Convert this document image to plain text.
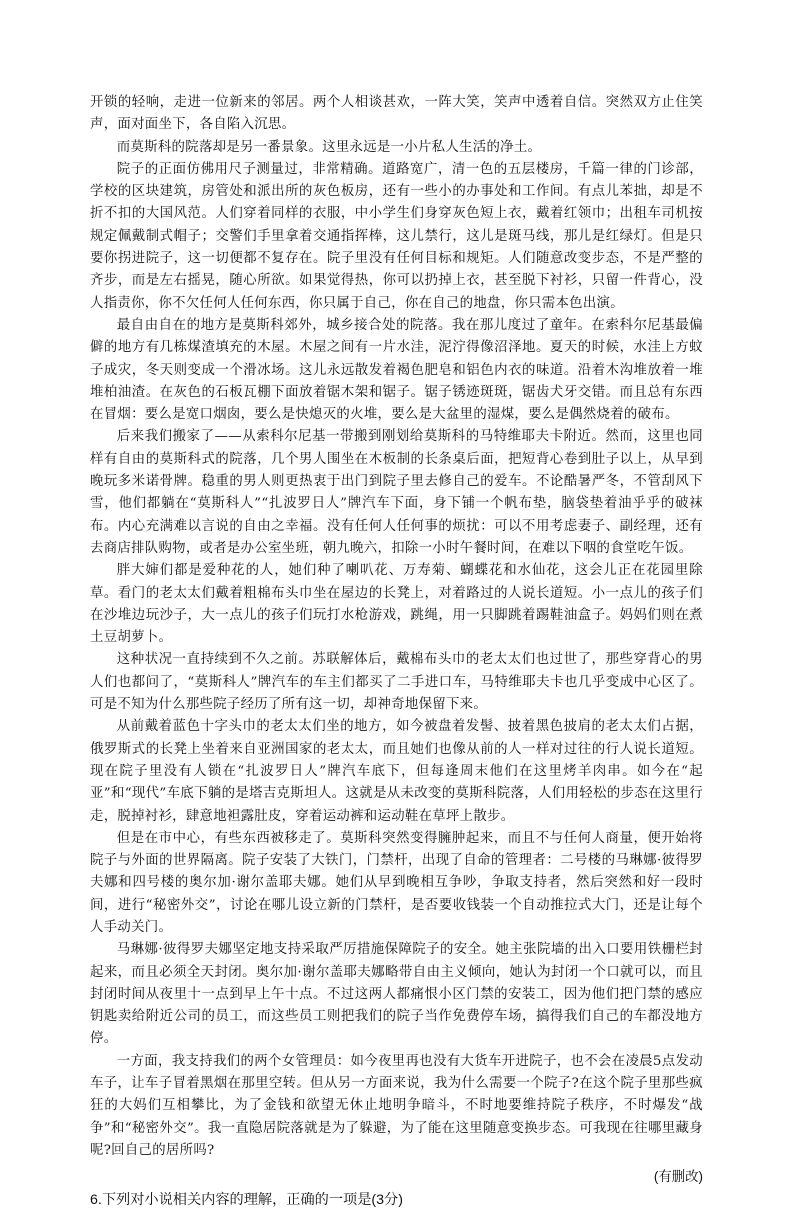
开锁的轻响，走进一位新来的邻居。两个人相谈甚欢，一阵大笑，笑声中透着自信。突然双方止住笑声，面对面坐下，各自陷入沉思。

而莫斯科的院落却是另一番景象。这里永远是一小片私人生活的净土。

院子的正面仿佛用尺子测量过，非常精确。道路宽广，清一色的五层楼房，千篇一律的门诊部，学校的区块建筑，房管处和派出所的灰色板房，还有一些小的办事处和工作间。有点儿苯拙，却是不折不扣的大国风范。人们穿着同样的衣服，中小学生们身穿灰色短上衣，戴着红领巾；出租车司机按规定佩戴制式帽子；交警们手里拿着交通指挥棒，这儿禁行，这儿是斑马线，那儿是红绿灯。但是只要你拐进院子，这一切便都不复存在。院子里没有任何目标和规矩。人们随意改变步态，不是严整的齐步，而是左右摇晃，随心所欲。如果觉得热，你可以扔掉上衣，甚至脱下衬衫，只留一件背心，没人指责你，你不欠任何人任何东西，你只属于自己，你在自己的地盘，你只需本色出演。

最自由自在的地方是莫斯科郊外，城乡接合处的院落。我在那儿度过了童年。在索科尔尼基最偏僻的地方有几栋煤渣填充的木屋。木屋之间有一片水洼，泥泞得像沼泽地。夏天的时候，水洼上方蚊子成灾，冬天则变成一个滑冰场。这儿永远散发着褐色肥皂和铝色内衣的味道。沿着木沟堆放着一堆堆柏油渣。在灰色的石板瓦棚下面放着锯木架和锯子。锯子锈迹斑斑，锯齿犬牙交错。而且总有东西在冒烟：要么是宽口烟囱，要么是快熄灭的火堆，要么是大盆里的湿煤，要么是偶然烧着的破布。

后来我们搬家了——从索科尔尼基一带搬到刚划给莫斯科的马特维耶夫卡附近。然而，这里也同样有自由的莫斯科式的院落，几个男人围坐在木板制的长条桌后面，把短背心卷到肚子以上，从早到晚玩多米诺骨牌。稳重的男人则更热衷于出门到院子里去修自己的爱车。不论酷暑严冬，不管刮风下雪，他们都躺在“莫斯科人”“扎波罗日人”牌汽车下面，身下铺一个帆布垫，脑袋垫着油乎乎的破袜布。内心充满难以言说的自由之幸福。没有任何人任何事的烦扰：可以不用考虑妻子、副经理，还有去商店排队购物，或者是办公室坐班，朝九晚六，扣除一小时午餐时间，在难以下咽的食堂吃午饭。

胖大婶们都是爱种花的人，她们种了喇叭花、万寿菊、蝴蝶花和水仙花，这会儿正在花园里除草。看门的老太太们戴着粗棉布头巾坐在屋边的长凳上，对着路过的人说长道短。小一点儿的孩子们在沙堆边玩沙子，大一点儿的孩子们玩打水枪游戏，跳绳，用一只脚跳着踢鞋油盒子。妈妈们则在煮土豆胡萝卜。

这种状况一直持续到不久之前。苏联解体后，戴棉布头巾的老太太们也过世了，那些穿背心的男人们也都问了，“莫斯科人”牌汽车的车主们都买了二手进口车，马特维耶夫卡也几乎变成中心区了。可是不知为什么那些院子经历了所有这一切，却神奇地保留下来。

从前戴着蓝色十字头巾的老太太们坐的地方，如今被盘着发髻、披着黑色披肩的老太太们占据，俄罗斯式的长凳上坐着来自亚洲国家的老太太，而且她们也像从前的人一样对过往的行人说长道短。现在院子里没有人锁在“扎波罗日人”牌汽车底下，但每逢周末他们在这里烤羊肉串。如今在“起亚”和“现代”车底下躺的是塔吉克斯坦人。这就是从未改变的莫斯科院落，人们用轻松的步态在这里行走，脱掉衬衫，肆意地袒露肚皮，穿着运动裤和运动鞋在草坪上散步。

但是在市中心，有些东西被移走了。莫斯科突然变得臃肿起来，而且不与任何人商量，便开始将院子与外面的世界隔离。院子安装了大铁门，门禁杆，出现了自命的管理者：二号楼的马琳娜·彼得罗夫娜和四号楼的奥尔加·谢尔盖耶夫娜。她们从早到晚相互争吵，争取支持者，然后突然和好一段时间，进行“秘密外交”，讨论在哪儿设立新的门禁杆，是否要收钱装一个自动推拉式大门，还是让每个人手动关门。

马琳娜·彼得罗夫娜坚定地支持采取严厉措施保障院子的安全。她主张院墙的出入口要用铁栅栏封起来，而且必须全天封闭。奥尔加·谢尔盖耶夫娜略带自由主义倾向，她认为封闭一个口就可以，而且封闭时间从夜里十一点到早上午十点。不过这两人都痛恨小区门禁的安装工，因为他们把门禁的感应钥匙卖给附近公司的员工，而这些员工则把我们的院子当作免费停车场，搞得我们自己的车都没地方停。

一方面，我支持我们的两个女管理员：如今夜里再也没有大货车开进院子，也不会在凌晨5点发动车子，让车子冒着黑烟在那里空转。但从另一方面来说，我为什么需要一个院子?在这个院子里那些疯狂的大妈们互相攀比，为了金钱和欲望无休止地明争暗斗，不时地要维持院子秩序，不时爆发“战争”和“秘密外交”。我一直隐居院落就是为了躲避，为了能在这里随意变换步态。可我现在往哪里藏身呢?回自己的居所吗?

(有删改)

6.下列对小说相关内容的理解，正确的一项是(3分)
